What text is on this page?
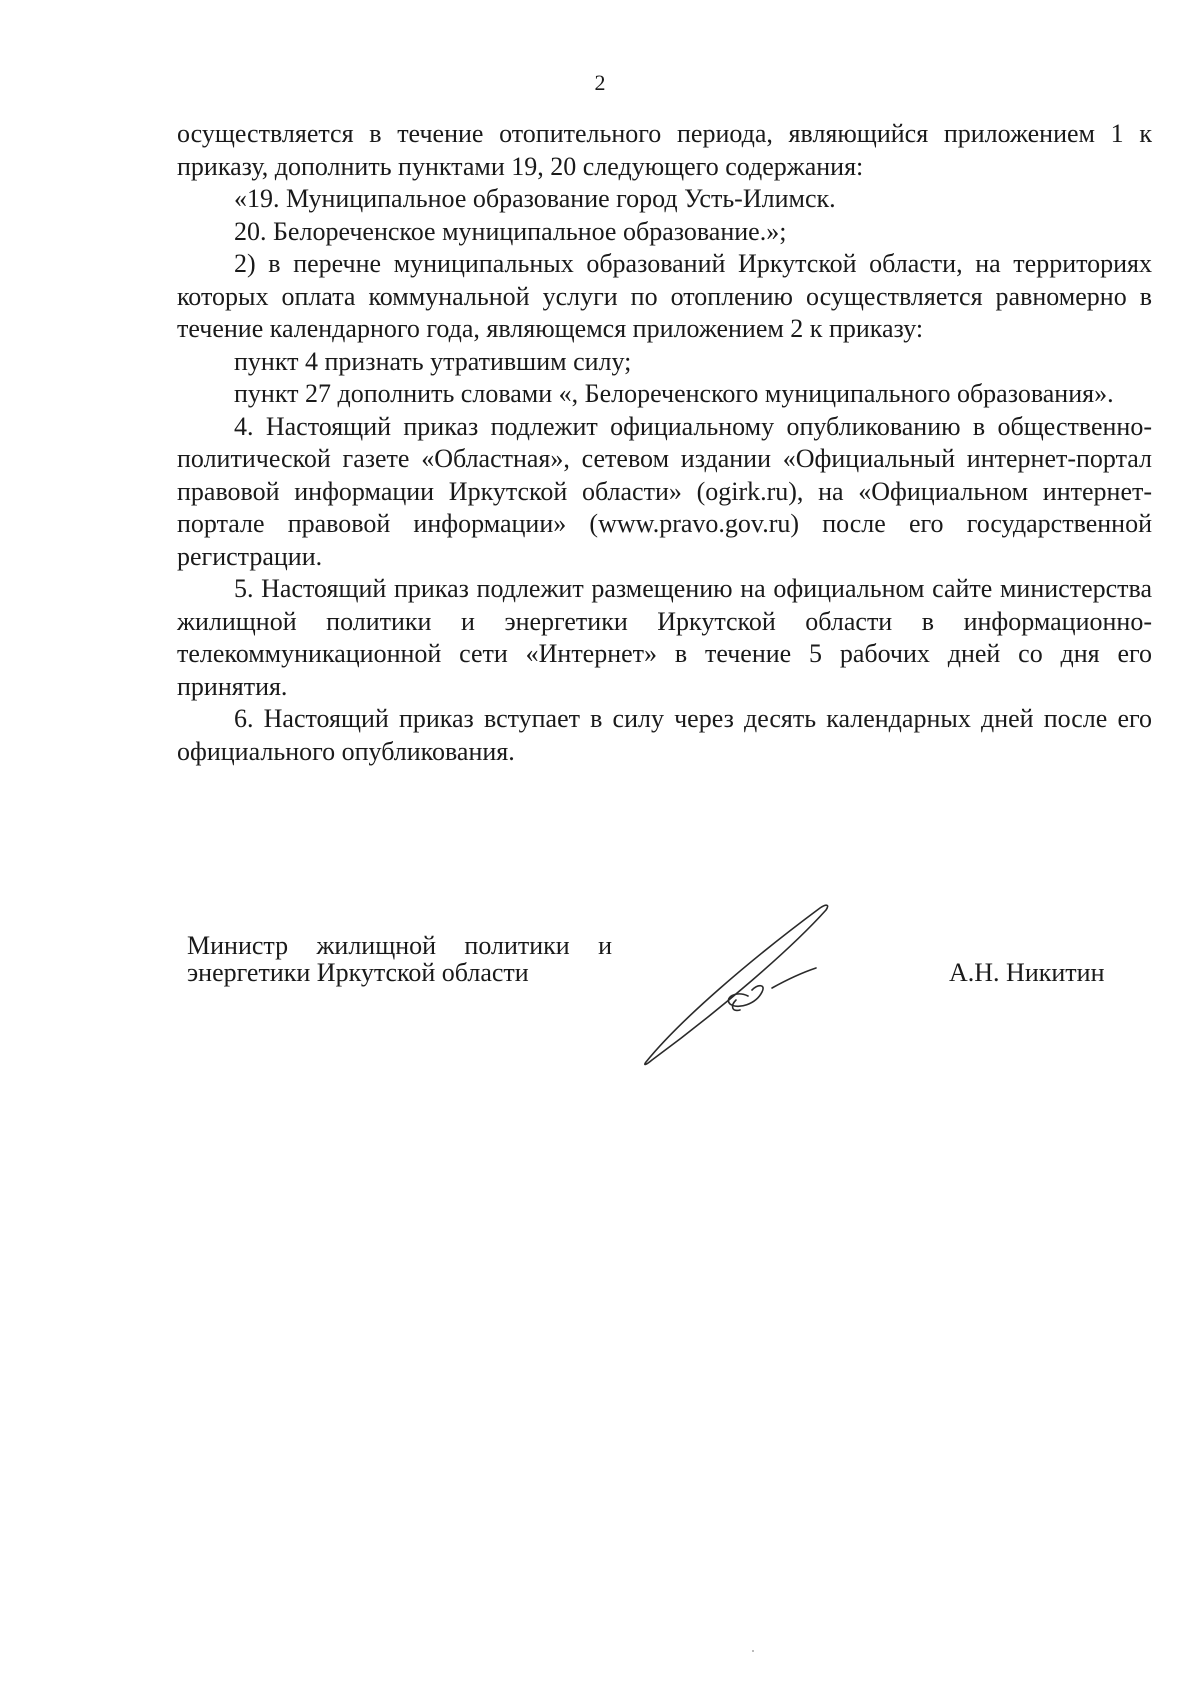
2

осуществляется в течение отопительного периода, являющийся приложением 1 к приказу, дополнить пунктами 19, 20 следующего содержания:

«19. Муниципальное образование город Усть-Илимск.

20. Белореченское муниципальное образование.»;

2) в перечне муниципальных образований Иркутской области, на территориях которых оплата коммунальной услуги по отоплению осуществляется равномерно в течение календарного года, являющемся приложением 2 к приказу:

пункт 4 признать утратившим силу;

пункт 27 дополнить словами «, Белореченского муниципального образования».

4. Настоящий приказ подлежит официальному опубликованию в общественно-политической газете «Областная», сетевом издании «Официальный интернет-портал правовой информации Иркутской области» (ogirk.ru), на «Официальном интернет-портале правовой информации» (www.pravo.gov.ru) после его государственной регистрации.

5. Настоящий приказ подлежит размещению на официальном сайте министерства жилищной политики и энергетики Иркутской области в информационно-телекоммуникационной сети «Интернет» в течение 5 рабочих дней со дня его принятия.

6. Настоящий приказ вступает в силу через десять календарных дней после его официального опубликования.

Министр жилищной политики и
энергетики Иркутской области	А.Н. Никитин
